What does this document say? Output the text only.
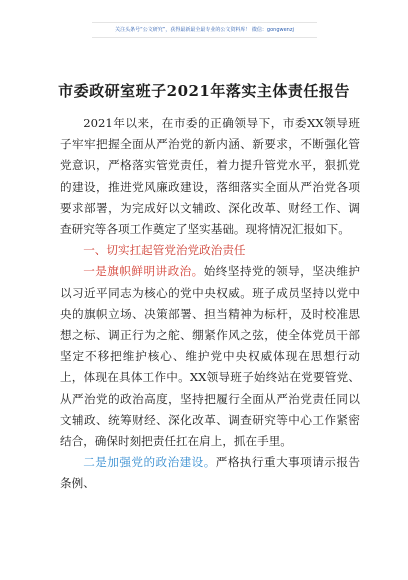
关注头条号“公文研究”，获得最新最全最专业的公文资料库！ 微信：gongwenzj
市委政研室班子2021年落实主体责任报告

2021年以来，在市委的正确领导下，市委XX领导班子牢牢把握全面从严治党的新内涵、新要求，不断强化管党意识，严格落实管党责任，着力提升管党水平，狠抓党的建设，推进党风廉政建设，落细落实全面从严治党各项要求部署，为完成好以文辅政、深化改革、财经工作、调查研究等各项工作奠定了坚实基础。现将情况汇报如下。

一、切实扛起管党治党政治责任

一是旗帜鲜明讲政治。始终坚持党的领导，坚决维护以习近平同志为核心的党中央权威。班子成员坚持以党中央的旗帜立场、决策部署、担当精神为标杆，及时校准思想之标、调正行为之舵、绷紧作风之弦，使全体党员干部坚定不移把维护核心、维护党中央权威体现在思想行动上，体现在具体工作中。XX领导班子始终站在党要管党、从严治党的政治高度，坚持把履行全面从严治党责任同以文辅政、统筹财经、深化改革、调查研究等中心工作紧密结合，确保时刻把责任扛在肩上，抓在手里。

二是加强党的政治建设。严格执行重大事项请示报告条例、
